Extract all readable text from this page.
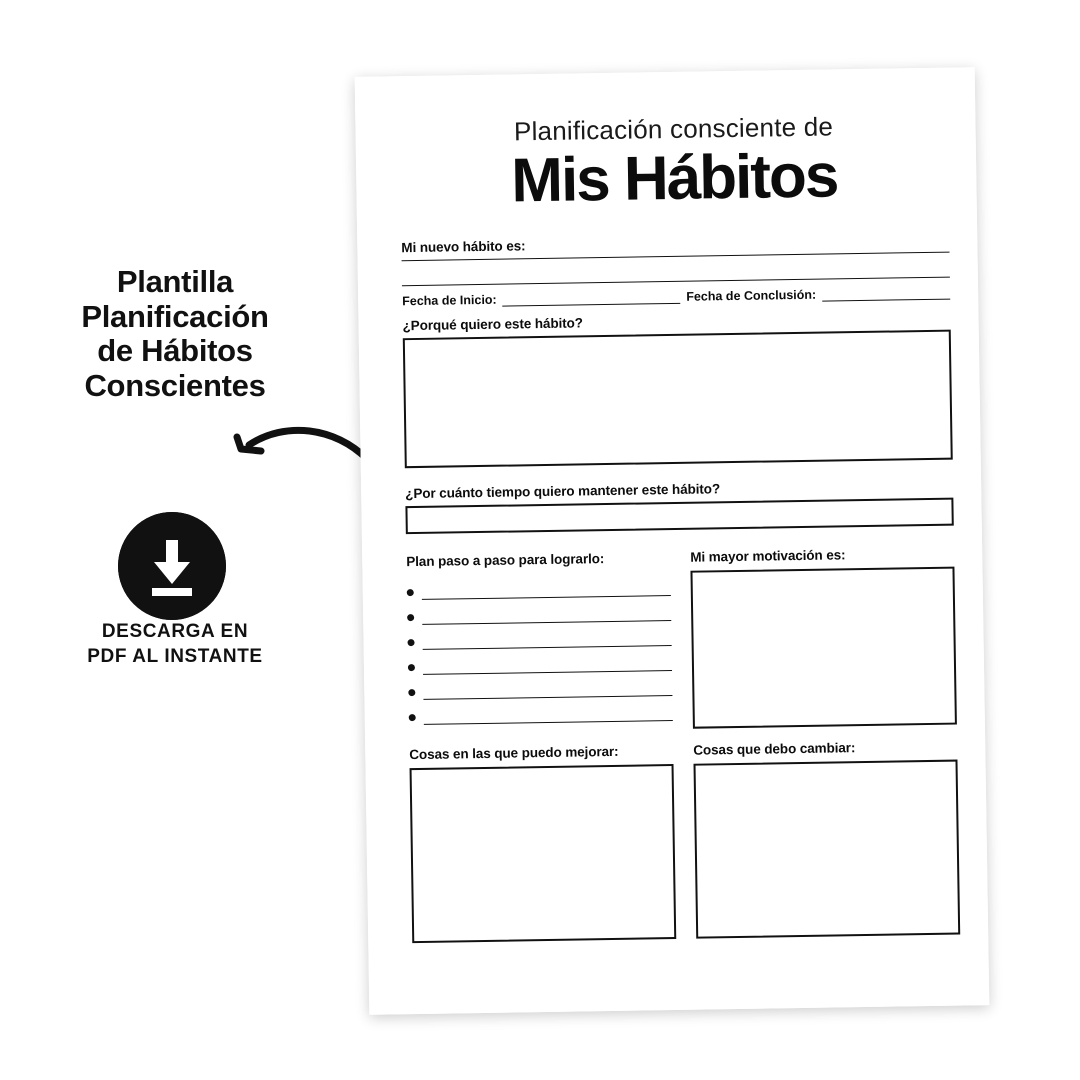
Plantilla
Planificación
de Hábitos
Conscientes
DESCARGA EN
PDF AL INSTANTE
Planificación consciente de
Mis Hábitos
Mi nuevo hábito es:
Fecha de Inicio:	Fecha de Conclusión:
¿Porqué quiero este hábito?
¿Por cuánto tiempo quiero mantener este hábito?
Plan paso a paso para lograrlo:	Mi mayor motivación es:
Cosas en las que puedo mejorar:	Cosas que debo cambiar:
